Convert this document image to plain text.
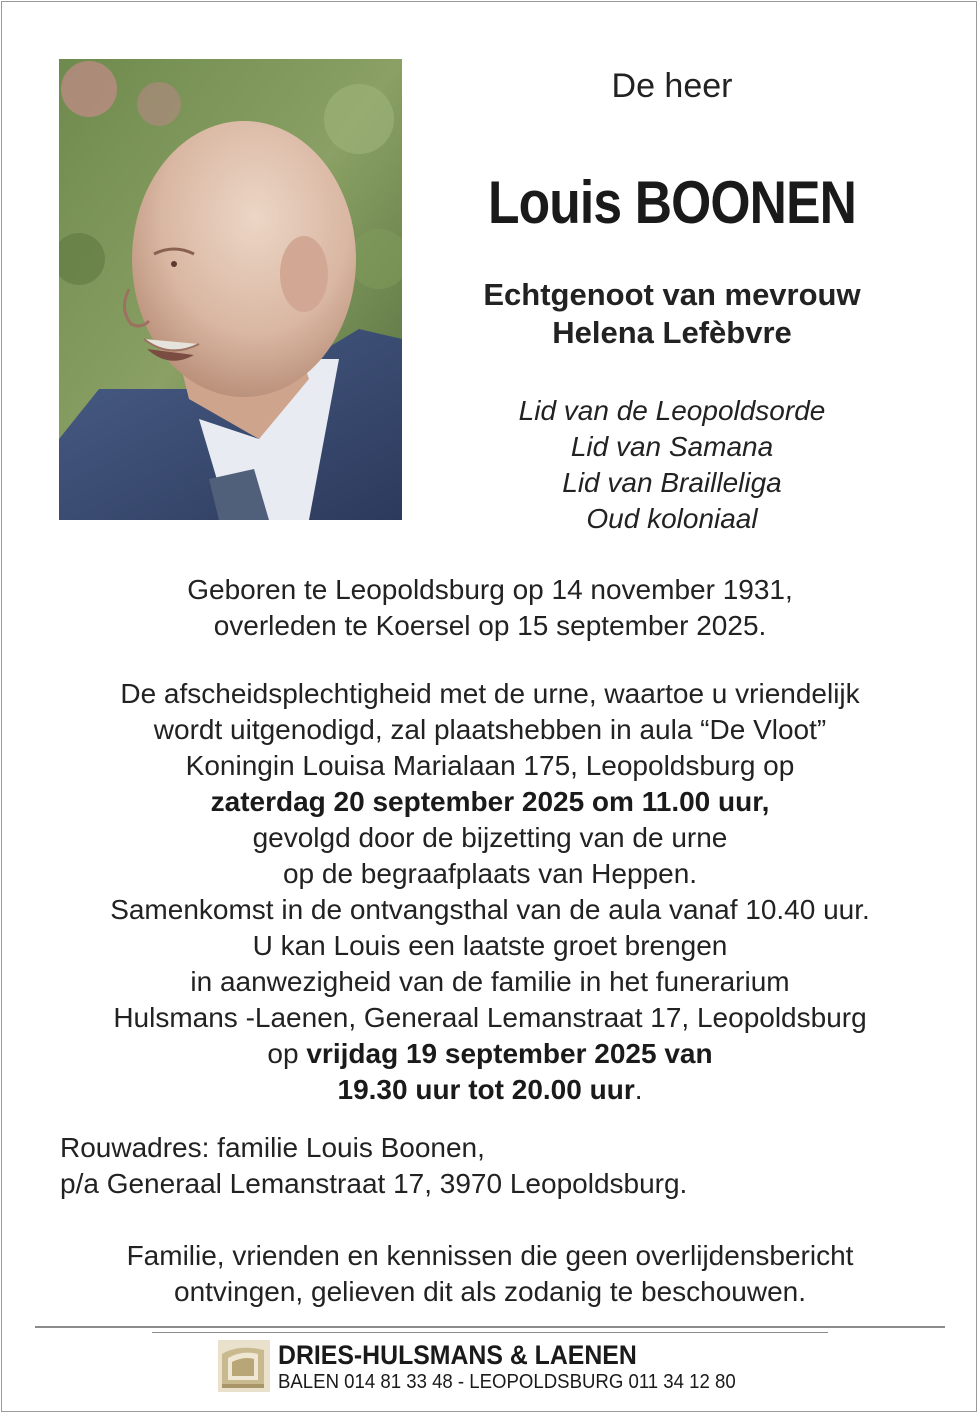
De heer
Louis BOONEN
Echtgenoot van mevrouw
Helena Lefèbvre
Lid van de Leopoldsorde
Lid van Samana
Lid van Brailleliga
Oud koloniaal
Geboren te Leopoldsburg op 14 november 1931,
overleden te Koersel op 15 september 2025.
De afscheidsplechtigheid met de urne, waartoe u vriendelijk
wordt uitgenodigd, zal plaatshebben in aula “De Vloot”
Koningin Louisa Marialaan 175, Leopoldsburg op
zaterdag 20 september 2025 om 11.00 uur,
gevolgd door de bijzetting van de urne
op de begraafplaats van Heppen.
Samenkomst in de ontvangsthal van de aula vanaf 10.40 uur.
U kan Louis een laatste groet brengen
in aanwezigheid van de familie in het funerarium
Hulsmans -Laenen, Generaal Lemanstraat 17, Leopoldsburg
op vrijdag 19 september 2025 van
19.30 uur tot 20.00 uur.
Rouwadres: familie Louis Boonen,
p/a Generaal Lemanstraat 17, 3970 Leopoldsburg.
Familie, vrienden en kennissen die geen overlijdensbericht
ontvingen, gelieven dit als zodanig te beschouwen.
DRIES-HULSMANS & LAENEN
BALEN 014 81 33 48 - LEOPOLDSBURG 011 34 12 80
